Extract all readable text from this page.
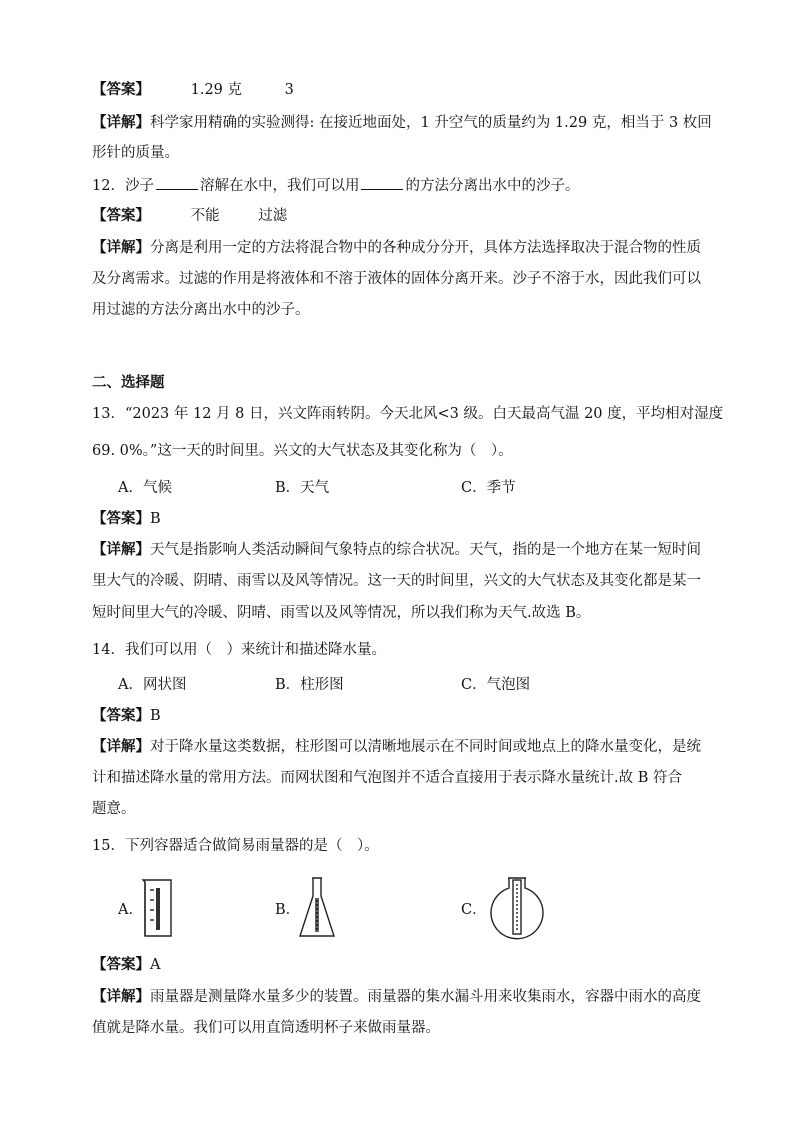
【答案】	1.29 克	3
【详解】科学家用精确的实验测得: 在接近地面处，1 升空气的质量约为 1.29 克，相当于 3 枚回
形针的质量。
12．沙子	溶解在水中，我们可以用	的方法分离出水中的沙子。
【答案】	不能	过滤
【详解】分离是利用一定的方法将混合物中的各种成分分开，具体方法选择取决于混合物的性质
及分离需求。过滤的作用是将液体和不溶于液体的固体分离开来。沙子不溶于水，因此我们可以
用过滤的方法分离出水中的沙子。
二、选择题
13．“2023 年 12 月 8 日，兴文阵雨转阴。今天北风<3 级。白天最高气温 20 度，平均相对湿度
69. 0%。”这一天的时间里。兴文的大气状态及其变化称为（　）。
A．气候	B．天气	C．季节
【答案】B
【详解】天气是指影响人类活动瞬间气象特点的综合状况。天气，指的是一个地方在某一短时间
里大气的冷暖、阴晴、雨雪以及风等情况。这一天的时间里，兴文的大气状态及其变化都是某一
短时间里大气的冷暖、阴晴、雨雪以及风等情况，所以我们称为天气.故选 B。
14．我们可以用（　）来统计和描述降水量。
A．网状图	B．柱形图	C．气泡图
【答案】B
【详解】对于降水量这类数据，柱形图可以清晰地展示在不同时间或地点上的降水量变化，是统
计和描述降水量的常用方法。而网状图和气泡图并不适合直接用于表示降水量统计.故 B 符合
题意。
15．下列容器适合做简易雨量器的是（　）。
A．	B．	C．
【答案】A
【详解】雨量器是测量降水量多少的装置。雨量器的集水漏斗用来收集雨水，容器中雨水的高度
值就是降水量。我们可以用直筒透明杯子来做雨量器。
